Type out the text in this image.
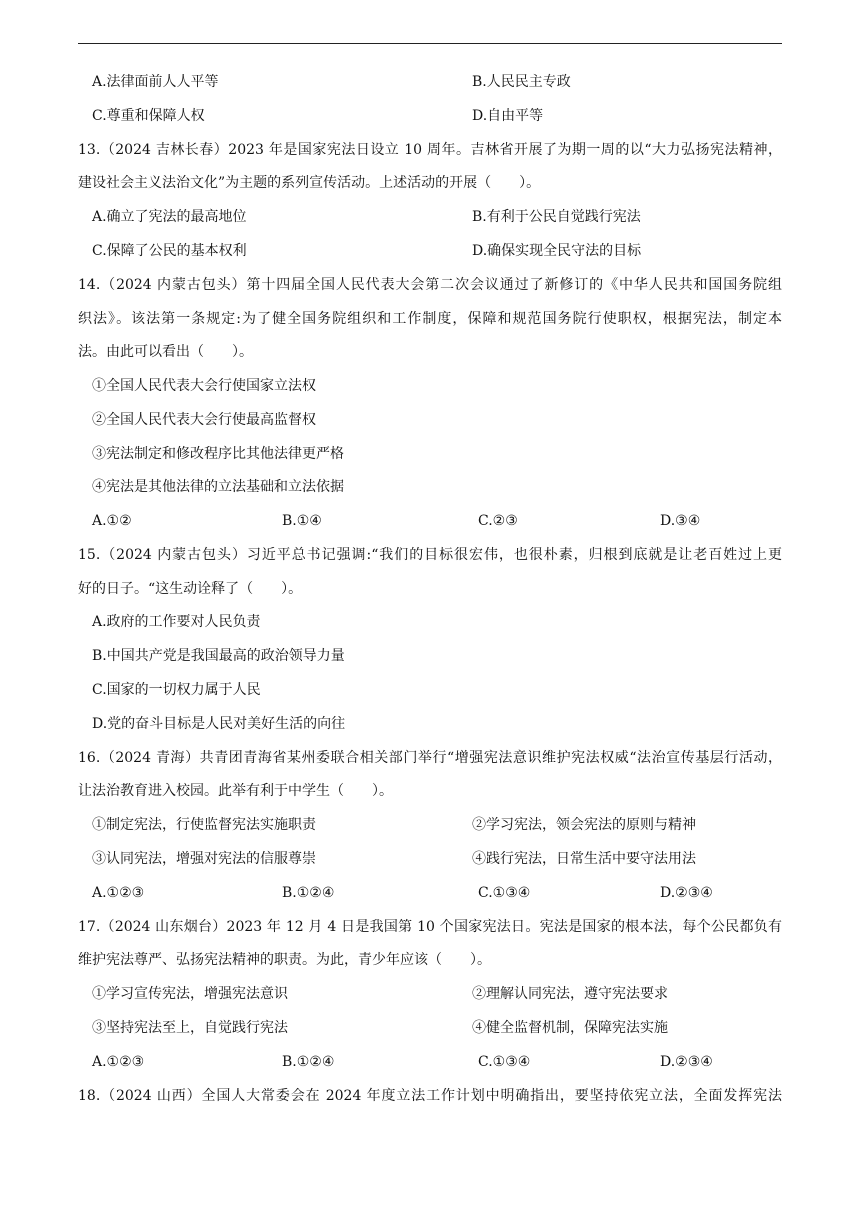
A.法律面前人人平等	B.人民民主专政
C.尊重和保障人权	D.自由平等
13.（2024 吉林长春）2023 年是国家宪法日设立 10 周年。吉林省开展了为期一周的以“大力弘扬宪法精神，
建设社会主义法治文化”为主题的系列宣传活动。上述活动的开展（　　）。
A.确立了宪法的最高地位	B.有利于公民自觉践行宪法
C.保障了公民的基本权利	D.确保实现全民守法的目标
14.（2024 内蒙古包头）第十四届全国人民代表大会第二次会议通过了新修订的《中华人民共和国国务院组
织法》。该法第一条规定:为了健全国务院组织和工作制度，保障和规范国务院行使职权，根据宪法，制定本
法。由此可以看出（　　）。
①全国人民代表大会行使国家立法权
②全国人民代表大会行使最高监督权
③宪法制定和修改程序比其他法律更严格
④宪法是其他法律的立法基础和立法依据
A.①②	B.①④	C.②③	D.③④
15.（2024 内蒙古包头）习近平总书记强调:“我们的目标很宏伟，也很朴素，归根到底就是让老百姓过上更
好的日子。“这生动诠释了（　　）。
A.政府的工作要对人民负责
B.中国共产党是我国最高的政治领导力量
C.国家的一切权力属于人民
D.党的奋斗目标是人民对美好生活的向往
16.（2024 青海）共青团青海省某州委联合相关部门举行“增强宪法意识维护宪法权威“法治宣传基层行活动，
让法治教育进入校园。此举有利于中学生（　　）。
①制定宪法，行使监督宪法实施职责	②学习宪法，领会宪法的原则与精神
③认同宪法，增强对宪法的信服尊崇	④践行宪法，日常生活中要守法用法
A.①②③	B.①②④	C.①③④	D.②③④
17.（2024 山东烟台）2023 年 12 月 4 日是我国第 10 个国家宪法日。宪法是国家的根本法，每个公民都负有
维护宪法尊严、弘扬宪法精神的职责。为此，青少年应该（　　）。
①学习宣传宪法，增强宪法意识	②理解认同宪法，遵守宪法要求
③坚持宪法至上，自觉践行宪法	④健全监督机制，保障宪法实施
A.①②③	B.①②④	C.①③④	D.②③④
18.（2024 山西）全国人大常委会在 2024 年度立法工作计划中明确指出，要坚持依宪立法，全面发挥宪法
